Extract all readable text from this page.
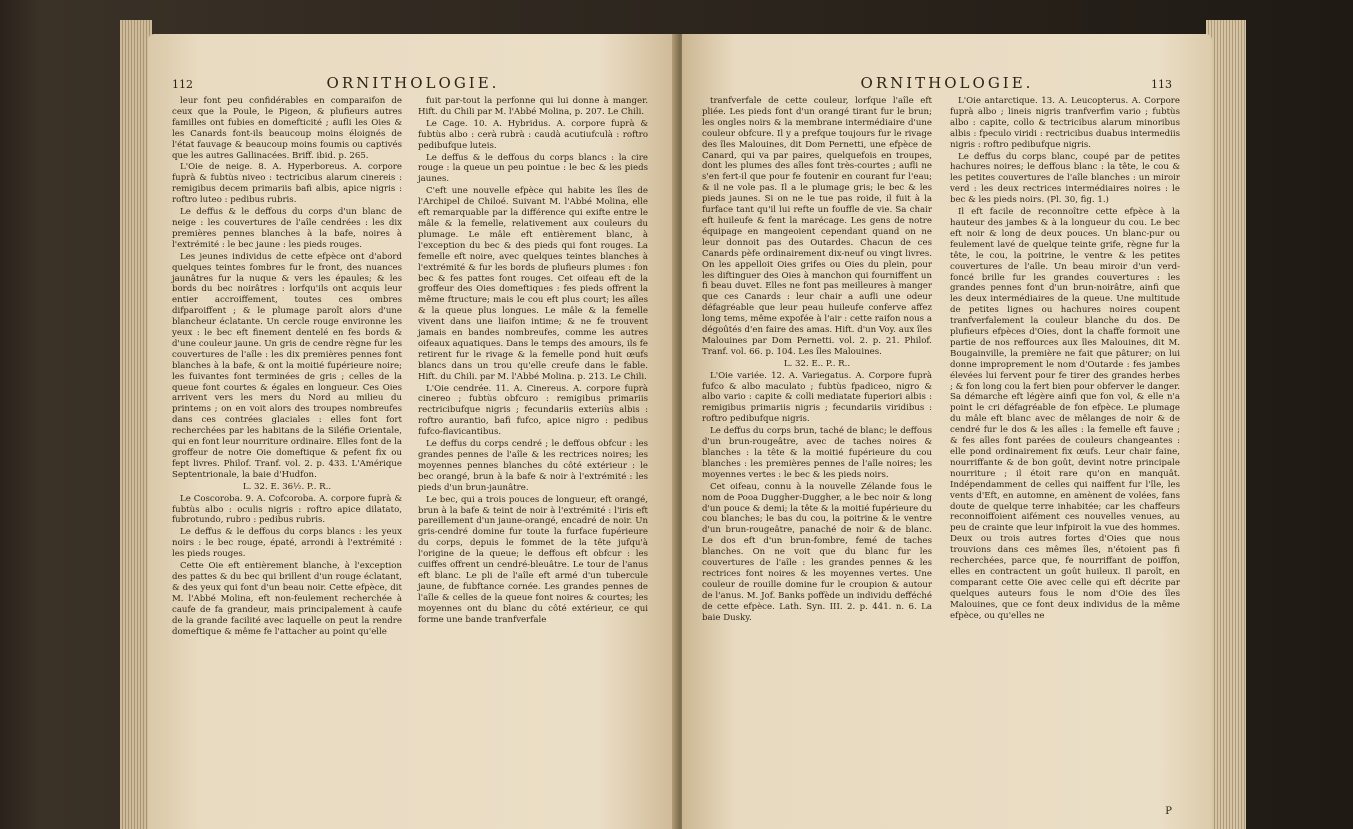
112	ORNITHOLOGIE.

leur font peu confidérables en comparaifon de ceux que la Poule, le Pigeon, & plufieurs autres familles ont fubies en domefticité ; aufli les Oies & les Canards font-ils beaucoup moins éloignés de l'état fauvage & beaucoup moins foumis ou captivés que les autres Gallinacées. Briff. ibid. p. 265.

L'Oie de neige. 8. A. Hyperboreus. A. corpore fuprà & fubtùs niveo : tectricibus alarum cinereis : remigibus decem primariis bafi albis, apice nigris : roftro luteo : pedibus rubris.

Le deffus & le deffous du corps d'un blanc de neige : les couvertures de l'aîle cendrées : les dix premières pennes blanches à la bafe, noires à l'extrémité : le bec jaune : les pieds rouges.

Les jeunes individus de cette efpèce ont d'abord quelques teintes fombres fur le front, des nuances jaunâtres fur la nuque & vers les épaules; & les bords du bec noirâtres : lorfqu'ils ont acquis leur entier accroiffement, toutes ces ombres difparoiffent ; & le plumage paroît alors d'une blancheur éclatante. Un cercle rouge environne les yeux : le bec eft finement dentelé en fes bords & d'une couleur jaune. Un gris de cendre règne fur les couvertures de l'aîle : les dix premières pennes font blanches à la bafe, & ont la moitié fupérieure noire; les fuivantes font terminées de gris ; celles de la queue font courtes & égales en longueur. Ces Oies arrivent vers les mers du Nord au milieu du printems ; on en voit alors des troupes nombreufes dans ces contrées glaciales : elles font fort recherchées par les habitans de la Siléfie Orientale, qui en font leur nourriture ordinaire. Elles font de la groffeur de notre Oie domeftique & pefent fix ou fept livres. Philof. Tranf. vol. 2. p. 433. L'Amérique Septentrionale, la baie d'Hudfon.

L. 32. E. 36½. P.. R..

Le Coscoroba. 9. A. Cofcoroba. A. corpore fuprà & fubtùs albo : oculis nigris : roftro apice dilatato, fubrotundo, rubro : pedibus rubris.

Le deffus & le deffous du corps blancs : les yeux noirs : le bec rouge, épaté, arrondi à l'extrémité : les pieds rouges.

Cette Oie eft entièrement blanche, à l'exception des pattes & du bec qui brillent d'un rouge éclatant, & des yeux qui font d'un beau noir. Cette efpèce, dit M. l'Abbé Molina, eft non-feulement recherchée à caufe de fa grandeur, mais principalement à caufe de la grande facilité avec laquelle on peut la rendre domeftique & même fe l'attacher au point qu'elle

fuit par-tout la perfonne qui lui donne à manger. Hift. du Chili par M. l'Abbé Molina, p. 207. Le Chili.

Le Cage. 10. A. Hybridus. A. corpore fuprà & fubtùs albo : cerà rubrà : caudà acutiufculà : roftro pedibufque luteis.

Le deffus & le deffous du corps blancs : la cire rouge : la queue un peu pointue : le bec & les pieds jaunes.

C'eft une nouvelle efpèce qui habite les îles de l'Archipel de Chiloé. Suivant M. l'Abbé Molina, elle eft remarquable par la différence qui exifte entre le mâle & la femelle, relativement aux couleurs du plumage. Le mâle eft entièrement blanc, à l'exception du bec & des pieds qui font rouges. La femelle eft noire, avec quelques teintes blanches à l'extrémité & fur les bords de plufieurs plumes : fon bec & fes pattes font rouges. Cet oifeau eft de la groffeur des Oies domeftiques : fes pieds offrent la même ftructure; mais le cou eft plus court; les aîles & la queue plus longues. Le mâle & la femelle vivent dans une liaifon intime; & ne fe trouvent jamais en bandes nombreufes, comme les autres oifeaux aquatiques. Dans le temps des amours, ils fe retirent fur le rivage & la femelle pond huit œufs blancs dans un trou qu'elle creufe dans le fable. Hift. du Chili. par M. l'Abbé Molina. p. 213. Le Chili.

L'Oie cendrée. 11. A. Cinereus. A. corpore fuprà cinereo ; fubtùs obfcuro : remigibus primariis rectricibufque nigris ; fecundariis exteriùs albis : roftro aurantio, bafi fufco, apice nigro : pedibus fufco-flavicantibus.

Le deffus du corps cendré ; le deffous obfcur : les grandes pennes de l'aîle & les rectrices noires; les moyennes pennes blanches du côté extérieur : le bec orangé, brun à la bafe & noir à l'extrémité : les pieds d'un brun-jaunâtre.

Le bec, qui a trois pouces de longueur, eft orangé, brun à la bafe & teint de noir à l'extrémité : l'iris eft pareillement d'un jaune-orangé, encadré de noir. Un gris-cendré domine fur toute la furface fupérieure du corps, depuis le fommet de la tête jufqu'à l'origine de la queue; le deffous eft obfcur : les cuiffes offrent un cendré-bleuâtre. Le tour de l'anus eft blanc. Le pli de l'aîle eft armé d'un tubercule jaune, de fubftance cornée. Les grandes pennes de l'aîle & celles de la queue font noires & courtes; les moyennes ont du blanc du côté extérieur, ce qui forme une bande tranfverfale

ORNITHOLOGIE.	113

tranfverfale de cette couleur, lorfque l'aîle eft pliée. Les pieds font d'un orangé tirant fur le brun; les ongles noirs & la membrane intermédiaire d'une couleur obfcure. Il y a prefque toujours fur le rivage des îles Malouines, dit Dom Pernetti, une efpèce de Canard, qui va par paires, quelquefois en troupes, dont les plumes des aîles font très-courtes ; aufli ne s'en fert-il que pour fe foutenir en courant fur l'eau; & il ne vole pas. Il a le plumage gris; le bec & les pieds jaunes. Si on ne le tue pas roide, il fuit à la furface tant qu'il lui refte un fouffle de vie. Sa chair eft huileufe & fent la marécage. Les gens de notre équipage en mangeoient cependant quand on ne leur donnoit pas des Outardes. Chacun de ces Canards pèfe ordinairement dix-neuf ou vingt livres. On les appelloit Oies grifes ou Oies du plein, pour les diftinguer des Oies à manchon qui fourniffent un fi beau duvet. Elles ne font pas meilleures à manger que ces Canards : leur chair a aufli une odeur défagréable que leur peau huileufe conferve affez long tems, même expofée à l'air : cette raifon nous a dégoûtés d'en faire des amas. Hift. d'un Voy. aux îles Malouines par Dom Pernetti. vol. 2. p. 21. Philof. Tranf. vol. 66. p. 104. Les îles Malouines.

L. 32. E.. P.. R..

L'Oie variée. 12. A. Variegatus. A. Corpore fuprà fufco & albo maculato ; fubtùs fpadiceo, nigro & albo vario : capite & colli mediatate fuperiori albis : remigibus primariis nigris ; fecundariis viridibus : roftro pedibufque nigris.

Le deffus du corps brun, taché de blanc; le deffous d'un brun-rougeâtre, avec de taches noires & blanches : la tête & la moitié fupérieure du cou blanches : les premières pennes de l'aîle noires; les moyennes vertes : le bec & les pieds noirs.

Cet oifeau, connu à la nouvelle Zélande fous le nom de Pooa Duggher-Duggher, a le bec noir & long d'un pouce & demi; la tête & la moitié fupérieure du cou blanches; le bas du cou, la poitrine & le ventre d'un brun-rougeâtre, panaché de noir & de blanc. Le dos eft d'un brun-fombre, femé de taches blanches. On ne voit que du blanc fur les couvertures de l'aîle : les grandes pennes & les rectrices font noires & les moyennes vertes. Une couleur de rouille domine fur le croupion & autour de l'anus. M. Jof. Banks poffède un individu defféché de cette efpèce. Lath. Syn. III. 2. p. 441. n. 6. La baie Dusky.

L'Oie antarctique. 13. A. Leucopterus. A. Corpore fuprà albo ; lineis nigris tranfverfim vario ; fubtùs albo : capite, collo & tectricibus alarum minoribus albis : fpeculo viridi : rectricibus duabus intermediis nigris : roftro pedibufque nigris.

Le deffus du corps blanc, coupé par de petites hachures noires; le deffous blanc : la tête, le cou & les petites couvertures de l'aîle blanches : un miroir verd : les deux rectrices intermédiaires noires : le bec & les pieds noirs. (Pl. 30, fig. 1.)

Il eft facile de reconnoître cette efpèce à la hauteur des jambes & à la longueur du cou. Le bec eft noir & long de deux pouces. Un blanc-pur ou feulement lavé de quelque teinte grife, règne fur la tête, le cou, la poitrine, le ventre & les petites couvertures de l'aîle. Un beau miroir d'un verd-foncé brille fur les grandes couvertures : les grandes pennes font d'un brun-noirâtre, ainfi que les deux intermédiaires de la queue. Une multitude de petites lignes ou hachures noires coupent tranfverfalement la couleur blanche du dos. De plufieurs efpèces d'Oies, dont la chaffe formoit une partie de nos reffources aux îles Malouines, dit M. Bougainville, la première ne fait que pâturer; on lui donne improprement le nom d'Outarde : fes jambes élevées lui fervent pour fe tirer des grandes herbes ; & fon long cou la fert bien pour obferver le danger. Sa démarche eft légère ainfi que fon vol, & elle n'a point le cri défagréable de fon efpèce. Le plumage du mâle eft blanc avec de mêlanges de noir & de cendré fur le dos & les aîles : la femelle eft fauve ; & fes aîles font parées de couleurs changeantes : elle pond ordinairement fix œufs. Leur chair faine, nourriffante & de bon goût, devint notre principale nourriture ; il étoit rare qu'on en manquât. Indépendamment de celles qui naiffent fur l'île, les vents d'Eft, en automne, en amènent de volées, fans doute de quelque terre inhabitée; car les chaffeurs reconnoiffoient aifément ces nouvelles venues, au peu de crainte que leur infpiroit la vue des hommes. Deux ou trois autres fortes d'Oies que nous trouvions dans ces mêmes îles, n'étoient pas fi recherchées, parce que, fe nourriffant de poiffon, elles en contractent un goût huileux. Il paroît, en comparant cette Oie avec celle qui eft décrite par quelques auteurs fous le nom d'Oie des îles Malouines, que ce font deux individus de la même efpèce, ou qu'elles ne

P
